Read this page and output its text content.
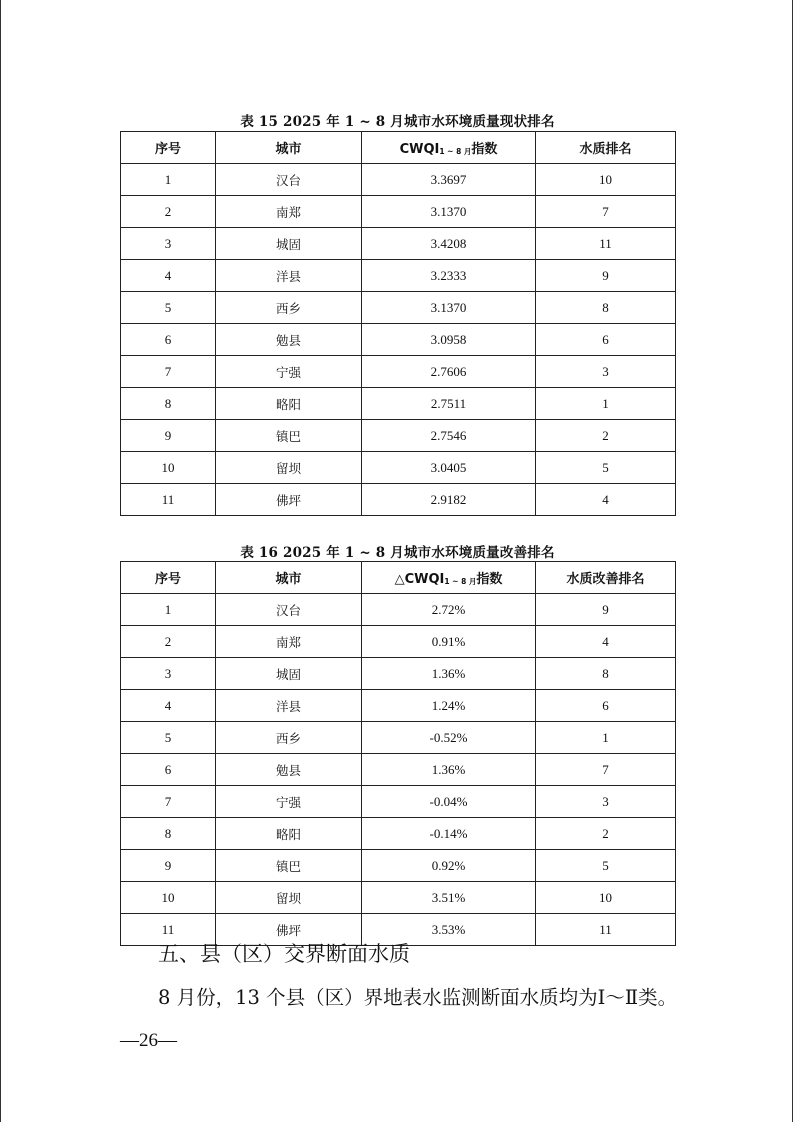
表 15 2025 年 1 ~ 8 月城市水环境质量现状排名
序号	城市	CWQI1 ~ 8 月指数	水质排名
1	汉台	3.3697	10
2	南郑	3.1370	7
3	城固	3.4208	11
4	洋县	3.2333	9
5	西乡	3.1370	8
6	勉县	3.0958	6
7	宁强	2.7606	3
8	略阳	2.7511	1
9	镇巴	2.7546	2
10	留坝	3.0405	5
11	佛坪	2.9182	4
表 16 2025 年 1 ~ 8 月城市水环境质量改善排名
序号	城市	△CWQI1 ~ 8 月指数	水质改善排名
1	汉台	2.72%	9
2	南郑	0.91%	4
3	城固	1.36%	8
4	洋县	1.24%	6
5	西乡	-0.52%	1
6	勉县	1.36%	7
7	宁强	-0.04%	3
8	略阳	-0.14%	2
9	镇巴	0.92%	5
10	留坝	3.51%	10
11	佛坪	3.53%	11
五、县（区）交界断面水质
8 月份，13 个县（区）界地表水监测断面水质均为Ⅰ～Ⅱ类。
—26—
